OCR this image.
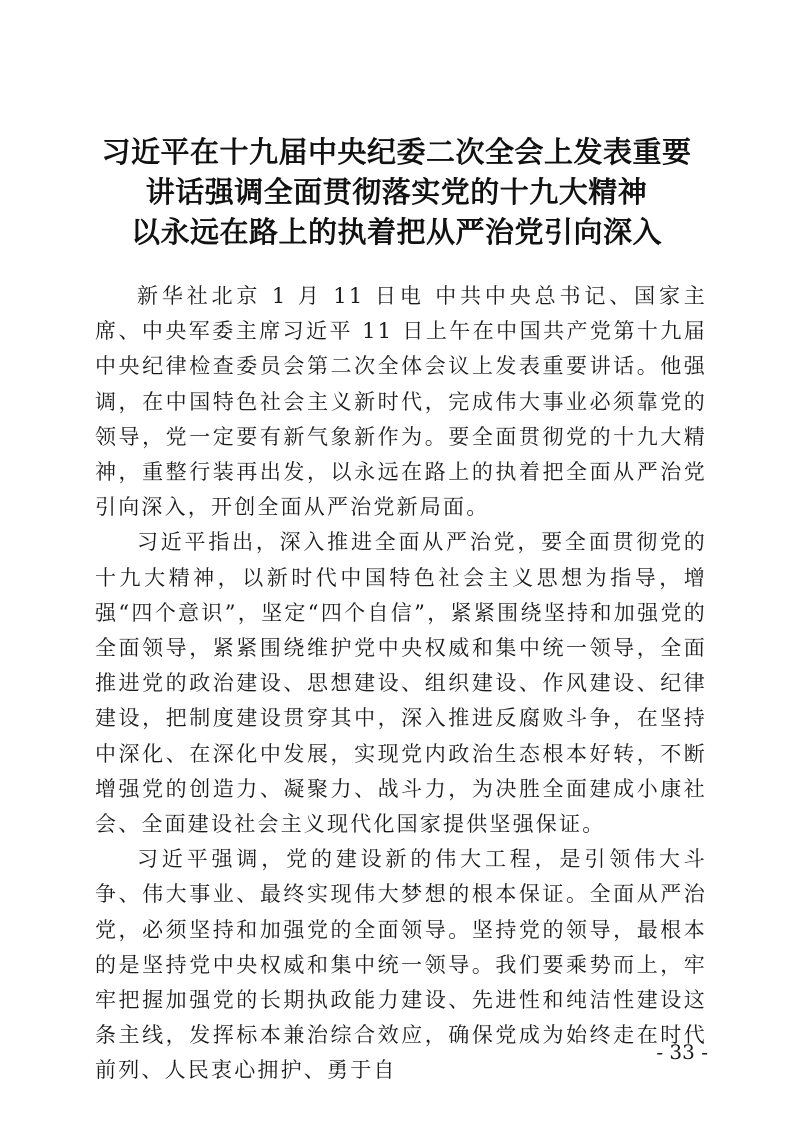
习近平在十九届中央纪委二次全会上发表重要
讲话强调全面贯彻落实党的十九大精神
以永远在路上的执着把从严治党引向深入

新华社北京 1 月 11 日电 中共中央总书记、国家主席、中央军委主席习近平 11 日上午在中国共产党第十九届中央纪律检查委员会第二次全体会议上发表重要讲话。他强调，在中国特色社会主义新时代，完成伟大事业必须靠党的领导，党一定要有新气象新作为。要全面贯彻党的十九大精神，重整行装再出发，以永远在路上的执着把全面从严治党引向深入，开创全面从严治党新局面。

习近平指出，深入推进全面从严治党，要全面贯彻党的十九大精神，以新时代中国特色社会主义思想为指导，增强“四个意识”，坚定“四个自信”，紧紧围绕坚持和加强党的全面领导，紧紧围绕维护党中央权威和集中统一领导，全面推进党的政治建设、思想建设、组织建设、作风建设、纪律建设，把制度建设贯穿其中，深入推进反腐败斗争，在坚持中深化、在深化中发展，实现党内政治生态根本好转，不断增强党的创造力、凝聚力、战斗力，为决胜全面建成小康社会、全面建设社会主义现代化国家提供坚强保证。

习近平强调，党的建设新的伟大工程，是引领伟大斗争、伟大事业、最终实现伟大梦想的根本保证。全面从严治党，必须坚持和加强党的全面领导。坚持党的领导，最根本的是坚持党中央权威和集中统一领导。我们要乘势而上，牢牢把握加强党的长期执政能力建设、先进性和纯洁性建设这条主线，发挥标本兼治综合效应，确保党成为始终走在时代前列、人民衷心拥护、勇于自

- 33 -
